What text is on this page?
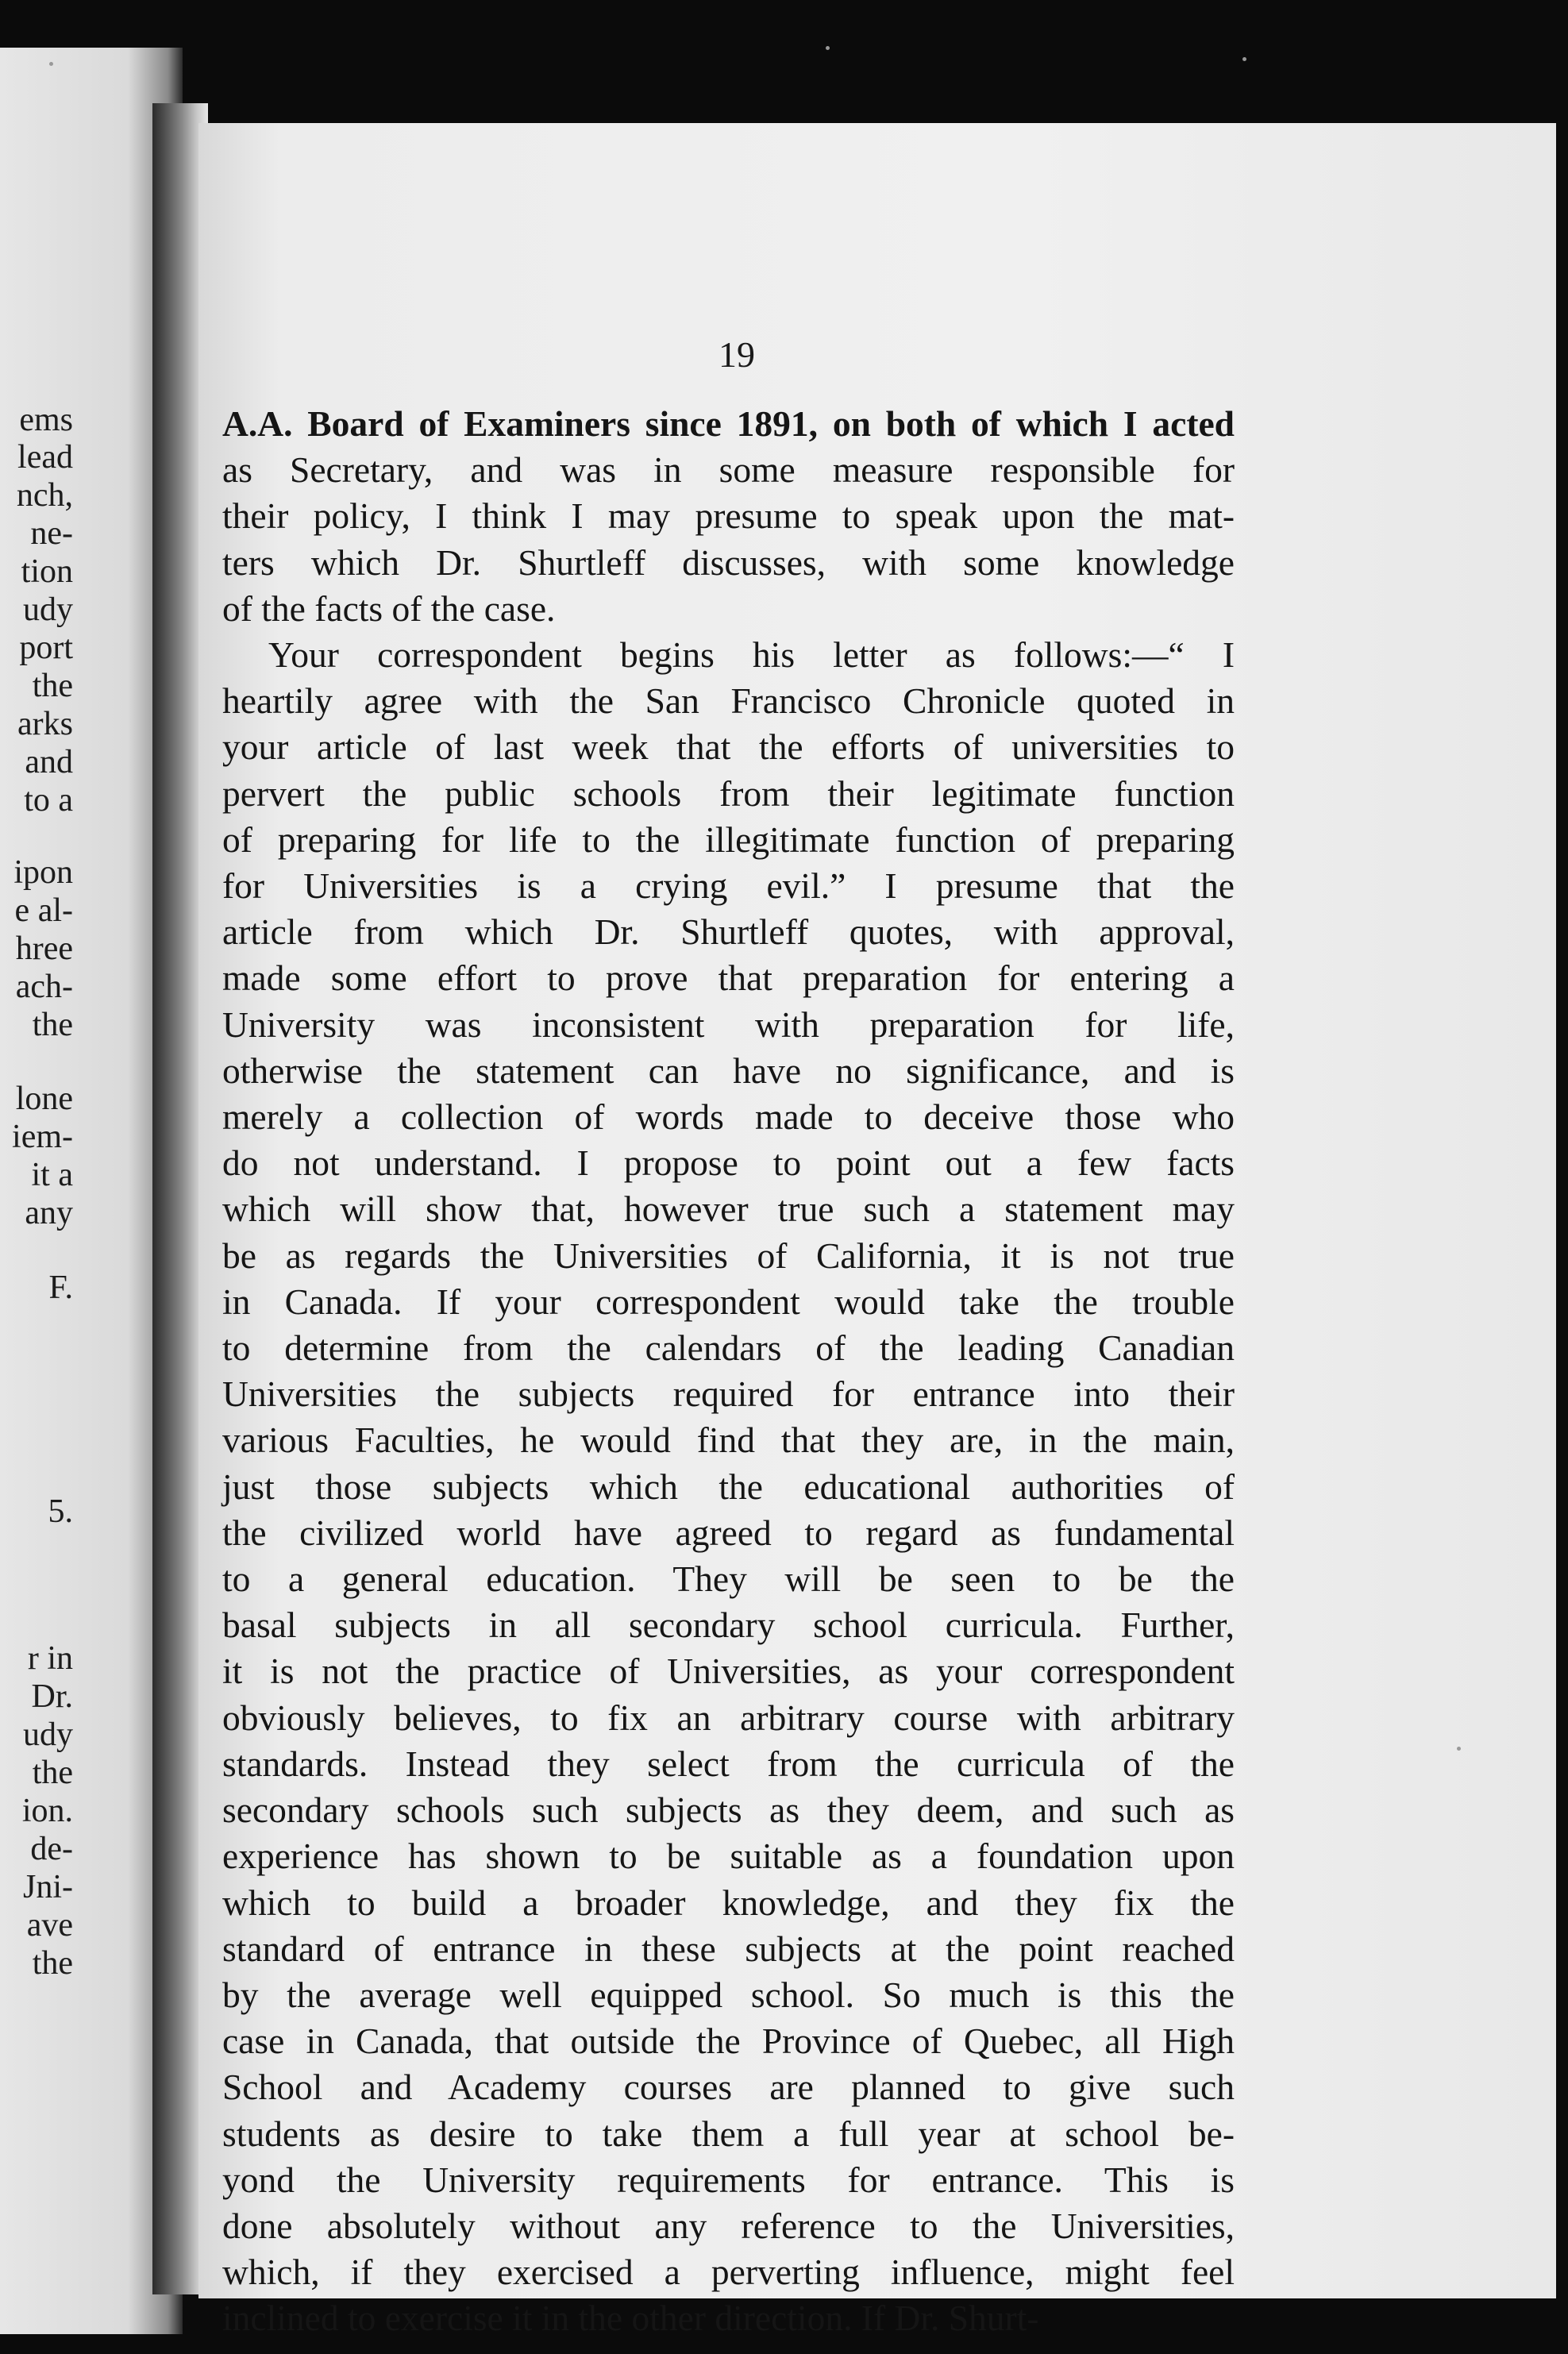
ems
lead
nch,
ne-
tion
udy
port
the
arks
and
to a
ipon
e al-
hree
ach-
the
lone
iem-
it a
any
F.
5.
r in
Dr.
udy
the
ion.
de-
Jni-
ave
the
19
A.A. Board of Examiners since 1891, on both of which I acted
as Secretary, and was in some measure responsible for
their policy, I think I may presume to speak upon the mat-
ters which Dr. Shurtleff discusses, with some knowledge
of the facts of the case.
Your correspondent begins his letter as follows:—“ I
heartily agree with the San Francisco Chronicle quoted in
your article of last week that the efforts of universities to
pervert the public schools from their legitimate function
of preparing for life to the illegitimate function of preparing
for Universities is a crying evil.” I presume that the
article from which Dr. Shurtleff quotes, with approval,
made some effort to prove that preparation for entering a
University was inconsistent with preparation for life,
otherwise the statement can have no significance, and is
merely a collection of words made to deceive those who
do not understand. I propose to point out a few facts
which will show that, however true such a statement may
be as regards the Universities of California, it is not true
in Canada. If your correspondent would take the trouble
to determine from the calendars of the leading Canadian
Universities the subjects required for entrance into their
various Faculties, he would find that they are, in the main,
just those subjects which the educational authorities of
the civilized world have agreed to regard as fundamental
to a general education. They will be seen to be the
basal subjects in all secondary school curricula. Further,
it is not the practice of Universities, as your correspondent
obviously believes, to fix an arbitrary course with arbitrary
standards. Instead they select from the curricula of the
secondary schools such subjects as they deem, and such as
experience has shown to be suitable as a foundation upon
which to build a broader knowledge, and they fix the
standard of entrance in these subjects at the point reached
by the average well equipped school. So much is this the
case in Canada, that outside the Province of Quebec, all High
School and Academy courses are planned to give such
students as desire to take them a full year at school be-
yond the University requirements for entrance. This is
done absolutely without any reference to the Universities,
which, if they exercised a perverting influence, might feel
inclined to exercise it in the other direction. If Dr. Shurt-
